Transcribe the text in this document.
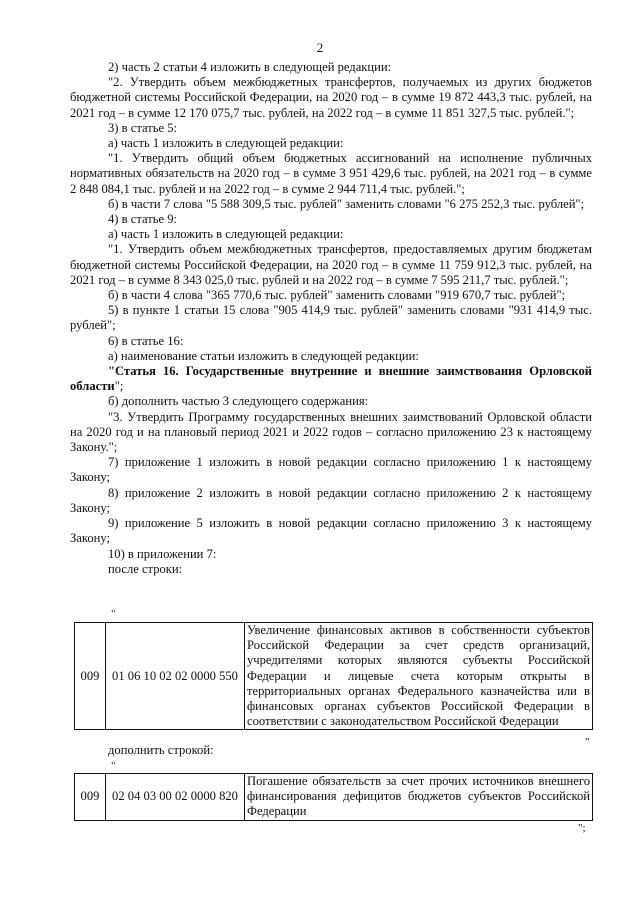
2

2) часть 2 статьи 4 изложить в следующей редакции:

"2. Утвердить объем межбюджетных трансфертов, получаемых из других бюджетов бюджетной системы Российской Федерации, на 2020 год – в сумме 19 872 443,3 тыс. рублей, на 2021 год – в сумме 12 170 075,7 тыс. рублей, на 2022 год – в сумме 11 851 327,5 тыс. рублей.";

3) в статье 5:

а) часть 1 изложить в следующей редакции:

"1. Утвердить общий объем бюджетных ассигнований на исполнение публичных нормативных обязательств на 2020 год – в сумме 3 951 429,6 тыс. рублей, на 2021 год – в сумме 2 848 084,1 тыс. рублей и на 2022 год – в сумме 2 944 711,4 тыс. рублей.";

б) в части 7 слова "5 588 309,5 тыс. рублей" заменить словами "6 275 252,3 тыс. рублей";

4) в статье 9:

а) часть 1 изложить в следующей редакции:

"1. Утвердить объем межбюджетных трансфертов, предоставляемых другим бюджетам бюджетной системы Российской Федерации, на 2020 год – в сумме 11 759 912,3 тыс. рублей, на 2021 год – в сумме 8 343 025,0 тыс. рублей и на 2022 год – в сумме 7 595 211,7 тыс. рублей.";

б) в части 4 слова "365 770,6 тыс. рублей" заменить словами "919 670,7 тыс. рублей";

5) в пункте 1 статьи 15 слова "905 414,9 тыс. рублей" заменить словами "931 414,9 тыс. рублей";

6) в статье 16:

а) наименование статьи изложить в следующей редакции:

"Статья 16. Государственные внутренние и внешние заимствования Орловской области";

б) дополнить частью 3 следующего содержания:

"3. Утвердить Программу государственных внешних заимствований Орловской области на 2020 год и на плановый период 2021 и 2022 годов – согласно приложению 23 к настоящему Закону.";

7) приложение 1 изложить в новой редакции согласно приложению 1 к настоящему Закону;

8) приложение 2 изложить в новой редакции согласно приложению 2 к настоящему Закону;

9) приложение 5 изложить в новой редакции согласно приложению 3 к настоящему Закону;

10) в приложении 7:

после строки:

"
009	01 06 10 02 02 0000 550	Увеличение финансовых активов в собственности субъектов Российской Федерации за счет средств организаций, учредителями которых являются субъекты Российской Федерации и лицевые счета которым открыты в территориальных органах Федерального казначейства или в финансовых органах субъектов Российской Федерации в соответствии с законодательством Российской Федерации
"

дополнить строкой:

"
009	02 04 03 00 02 0000 820	Погашение обязательств за счет прочих источников внешнего финансирования дефицитов бюджетов субъектов Российской Федерации
";
